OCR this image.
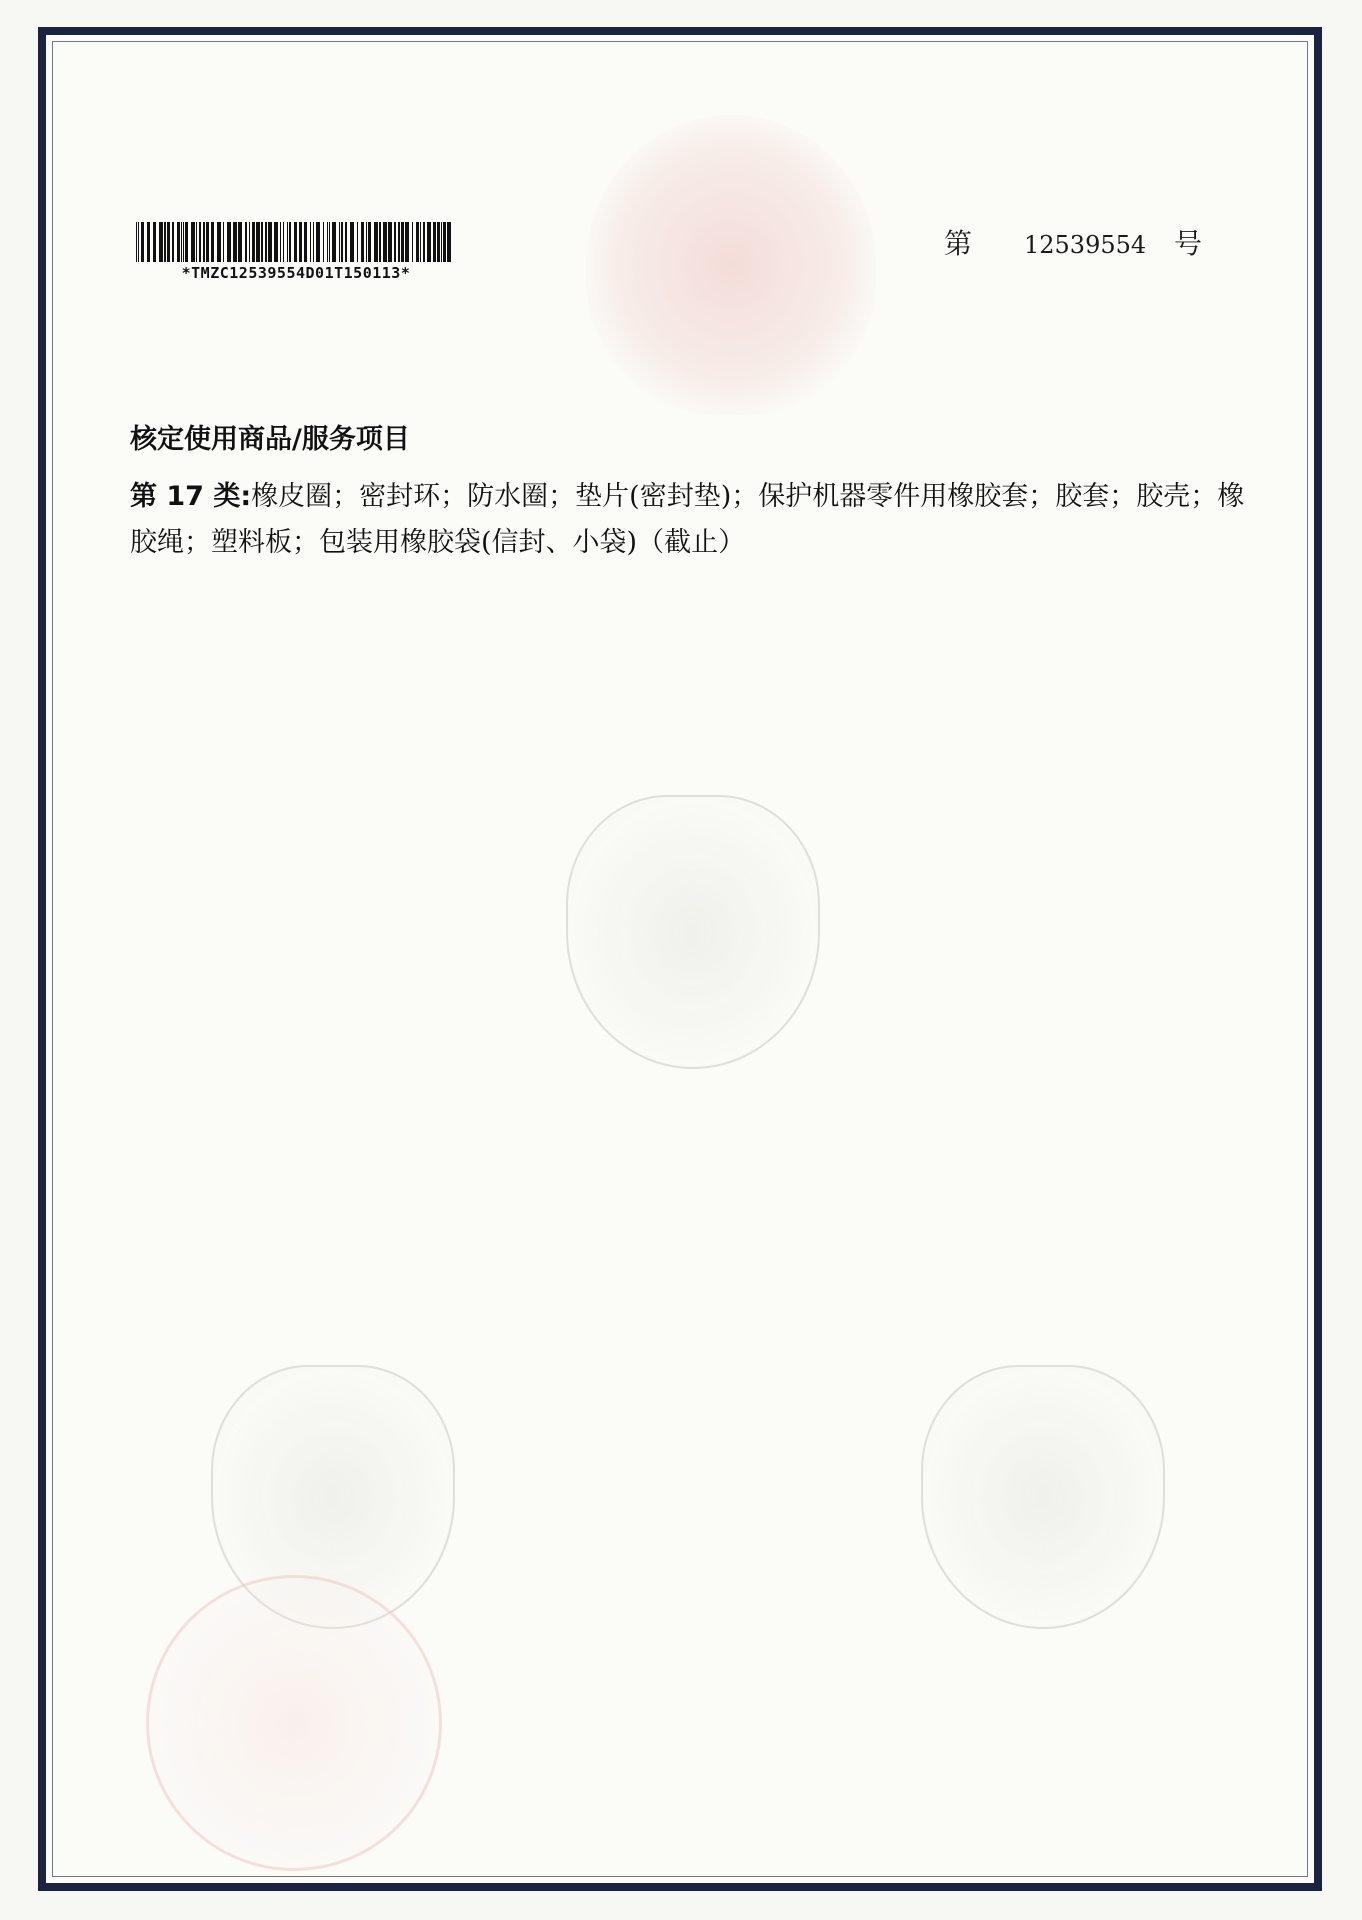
*TMZC12539554D01T150113*
第 12539554 号
核定使用商品/服务项目
第 17 类:橡皮圈；密封环；防水圈；垫片(密封垫)；保护机器零件用橡胶套；胶套；胶壳；橡胶绳；塑料板；包装用橡胶袋(信封、小袋)（截止）
